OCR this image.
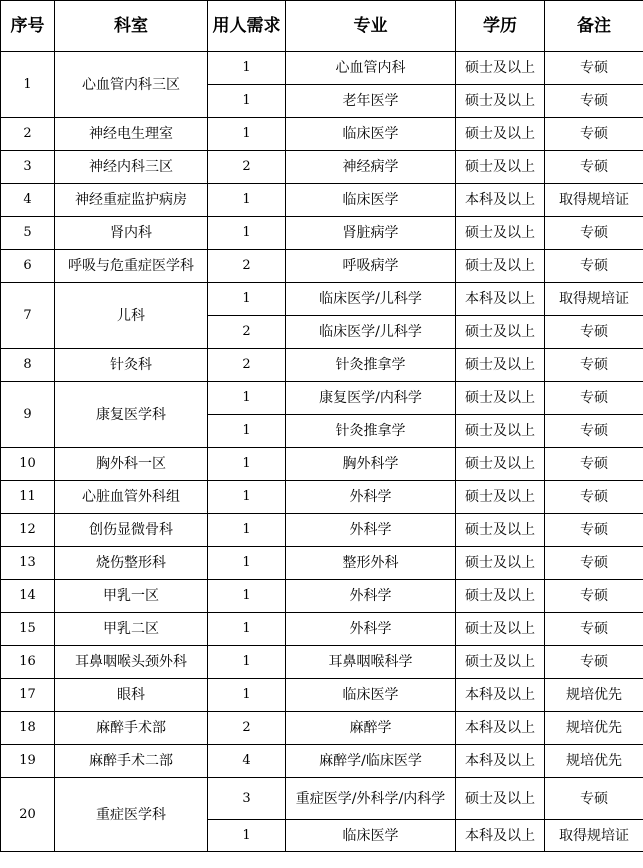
序号	科室	用人需求	专业	学历	备注
1	心血管内科三区	1	心血管内科	硕士及以上	专硕
		1	老年医学	硕士及以上	专硕
2	神经电生理室	1	临床医学	硕士及以上	专硕
3	神经内科三区	2	神经病学	硕士及以上	专硕
4	神经重症监护病房	1	临床医学	本科及以上	取得规培证
5	肾内科	1	肾脏病学	硕士及以上	专硕
6	呼吸与危重症医学科	2	呼吸病学	硕士及以上	专硕
7	儿科	1	临床医学/儿科学	本科及以上	取得规培证
		2	临床医学/儿科学	硕士及以上	专硕
8	针灸科	2	针灸推拿学	硕士及以上	专硕
9	康复医学科	1	康复医学/内科学	硕士及以上	专硕
		1	针灸推拿学	硕士及以上	专硕
10	胸外科一区	1	胸外科学	硕士及以上	专硕
11	心脏血管外科组	1	外科学	硕士及以上	专硕
12	创伤显微骨科	1	外科学	硕士及以上	专硕
13	烧伤整形科	1	整形外科	硕士及以上	专硕
14	甲乳一区	1	外科学	硕士及以上	专硕
15	甲乳二区	1	外科学	硕士及以上	专硕
16	耳鼻咽喉头颈外科	1	耳鼻咽喉科学	硕士及以上	专硕
17	眼科	1	临床医学	本科及以上	规培优先
18	麻醉手术部	2	麻醉学	本科及以上	规培优先
19	麻醉手术二部	4	麻醉学/临床医学	本科及以上	规培优先
20	重症医学科	3	重症医学/外科学/内科学	硕士及以上	专硕
		1	临床医学	本科及以上	取得规培证
